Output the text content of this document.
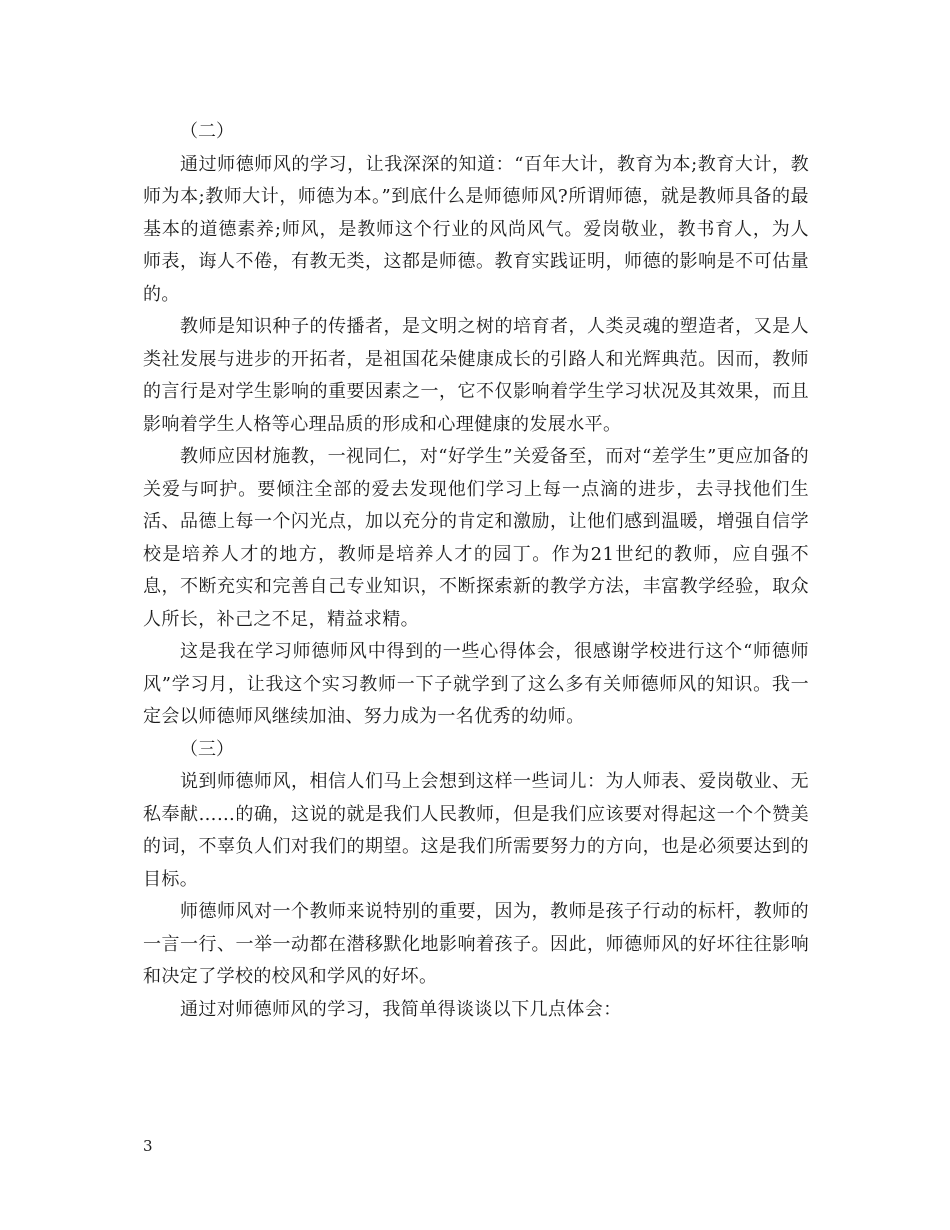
（二）

通过师德师风的学习，让我深深的知道：“百年大计，教育为本;教育大计，教师为本;教师大计，师德为本。”到底什么是师德师风?所谓师德，就是教师具备的最基本的道德素养;师风，是教师这个行业的风尚风气。爱岗敬业，教书育人，为人师表，诲人不倦，有教无类，这都是师德。教育实践证明，师德的影响是不可估量的。

教师是知识种子的传播者，是文明之树的培育者，人类灵魂的塑造者，又是人类社发展与进步的开拓者，是祖国花朵健康成长的引路人和光辉典范。因而，教师的言行是对学生影响的重要因素之一，它不仅影响着学生学习状况及其效果，而且影响着学生人格等心理品质的形成和心理健康的发展水平。

教师应因材施教，一视同仁，对“好学生”关爱备至，而对“差学生”更应加备的关爱与呵护。要倾注全部的爱去发现他们学习上每一点滴的进步，去寻找他们生活、品德上每一个闪光点，加以充分的肯定和激励，让他们感到温暖，增强自信学校是培养人才的地方，教师是培养人才的园丁。作为21世纪的教师，应自强不息，不断充实和完善自己专业知识，不断探索新的教学方法，丰富教学经验，取众人所长，补己之不足，精益求精。

这是我在学习师德师风中得到的一些心得体会，很感谢学校进行这个“师德师风”学习月，让我这个实习教师一下子就学到了这么多有关师德师风的知识。我一定会以师德师风继续加油、努力成为一名优秀的幼师。

（三）

说到师德师风，相信人们马上会想到这样一些词儿：为人师表、爱岗敬业、无私奉献……的确，这说的就是我们人民教师，但是我们应该要对得起这一个个赞美的词，不辜负人们对我们的期望。这是我们所需要努力的方向，也是必须要达到的目标。

师德师风对一个教师来说特别的重要，因为，教师是孩子行动的标杆，教师的一言一行、一举一动都在潜移默化地影响着孩子。因此，师德师风的好坏往往影响和决定了学校的校风和学风的好坏。

通过对师德师风的学习，我简单得谈谈以下几点体会：

3
